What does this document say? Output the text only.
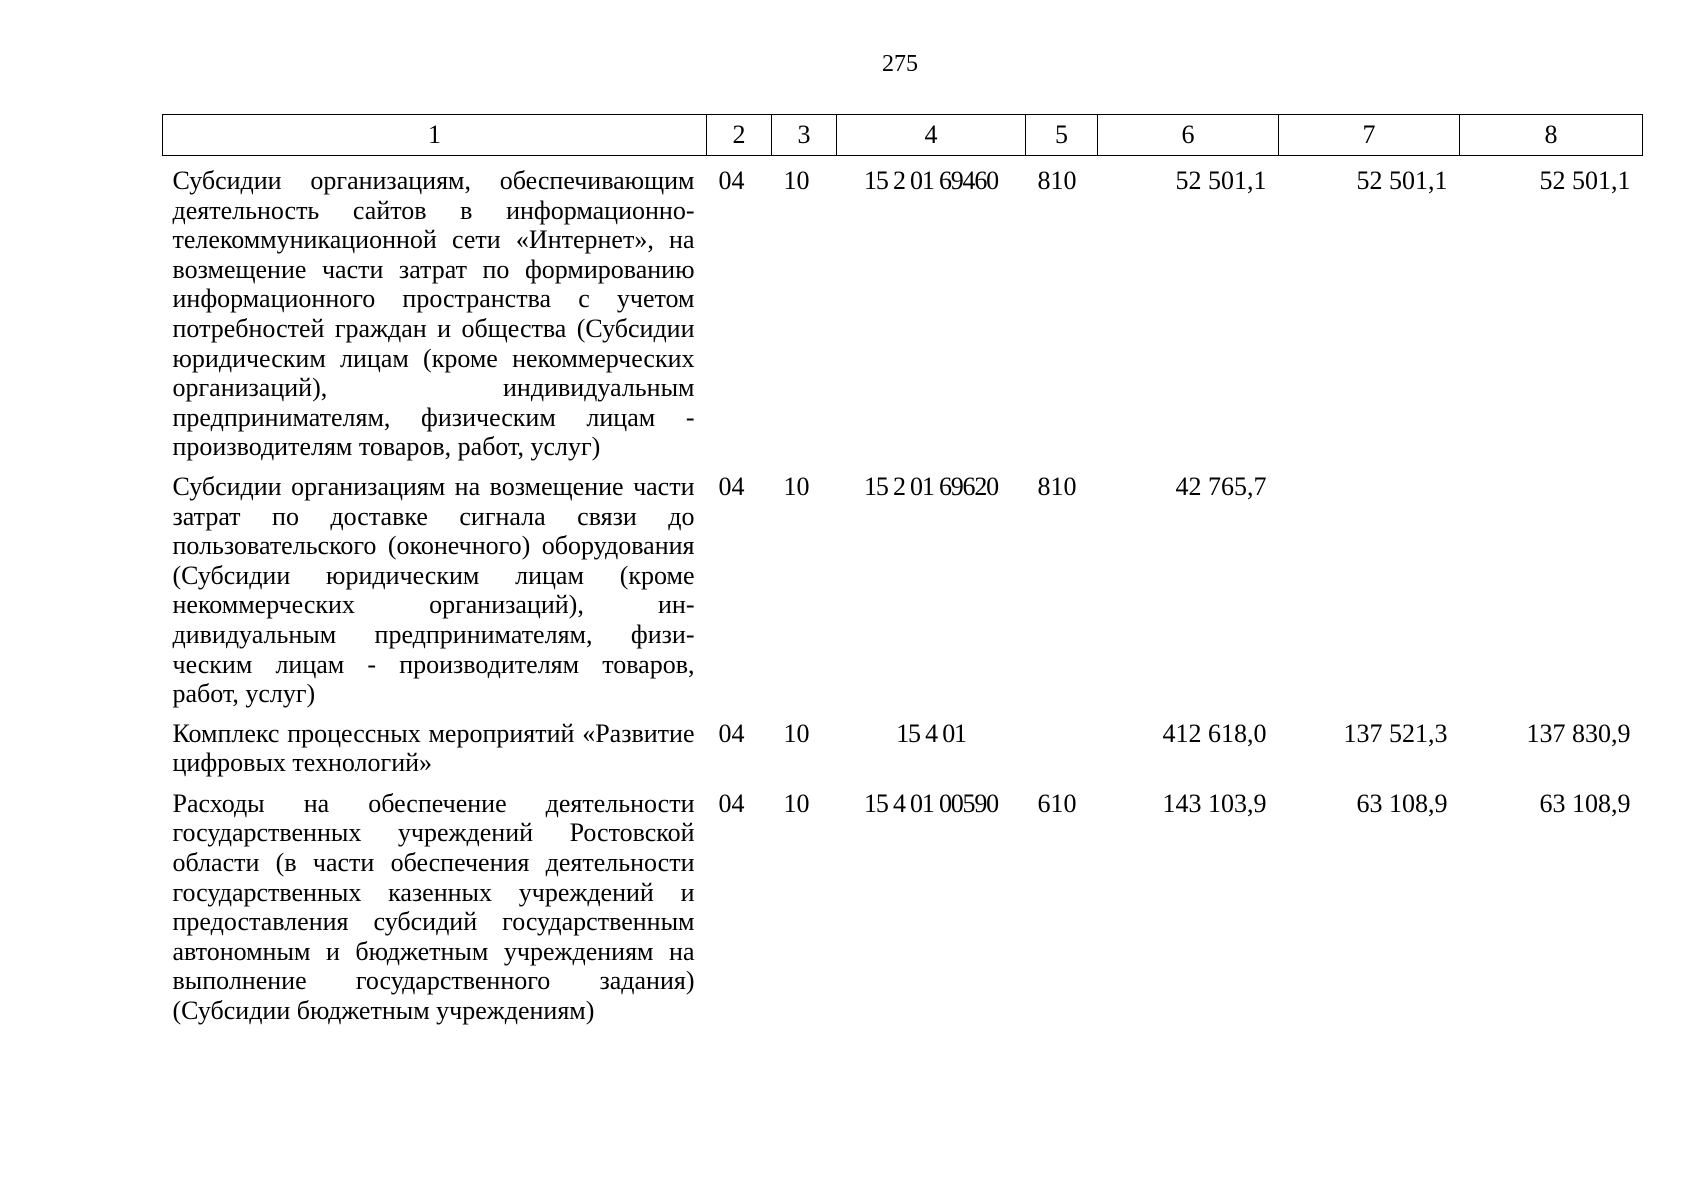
275
1	2	3	4	5	6	7	8
Субсидии организациям, обеспечивающим деятельность сайтов в информационно-телекоммуникационной сети «Интернет», на возмещение части затрат по формированию информационного пространства с учетом потребностей граждан и общества (Субсидии юридическим лицам (кроме некоммерческих организаций), индивидуальным предпринимателям, физическим лицам - производителям товаров, работ, услуг)	04	10	15 2 01 69460	810	52 501,1	52 501,1	52 501,1
Субсидии организациям на возмещение части затрат по доставке сигнала связи до пользовательского (оконечного) оборудования (Субсидии юридическим лицам (кроме некоммерческих организаций), индивидуальным предпринимателям, физическим лицам - производителям товаров, работ, услуг)	04	10	15 2 01 69620	810	42 765,7		
Комплекс процессных мероприятий «Развитие цифровых технологий»	04	10	15 4 01		412 618,0	137 521,3	137 830,9
Расходы на обеспечение деятельности государственных учреждений Ростовской области (в части обеспечения деятельности государственных казенных учреждений и предоставления субсидий государственным автономным и бюджетным учреждениям на выполнение государственного задания) (Субсидии бюджетным учреждениям)	04	10	15 4 01 00590	610	143 103,9	63 108,9	63 108,9
